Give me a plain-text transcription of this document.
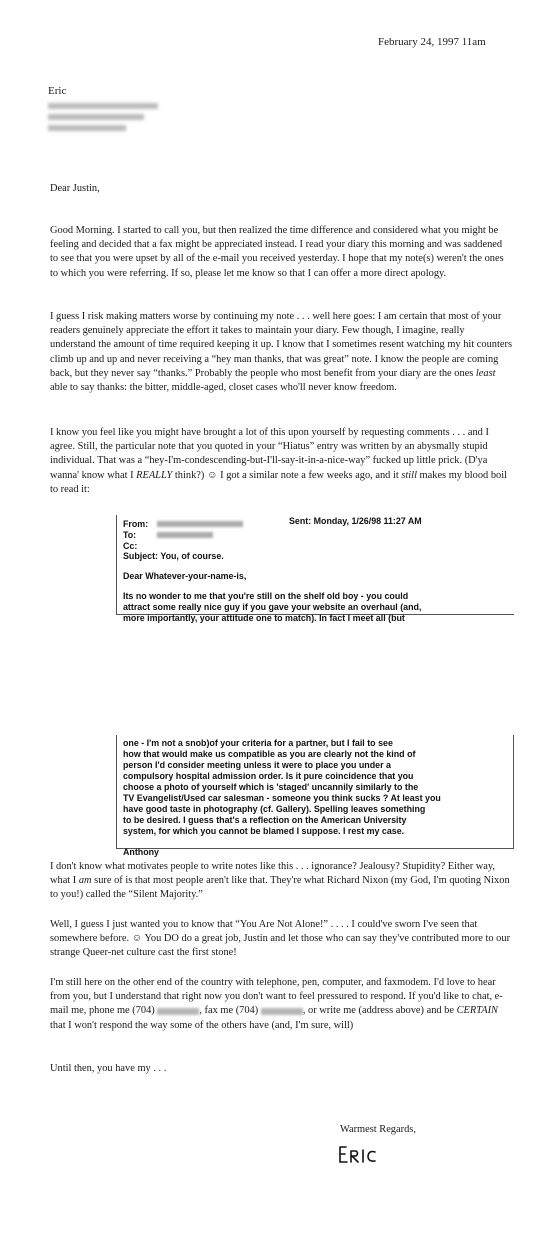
February 24, 1997 11am
Eric
Dear Justin,

Good Morning. I started to call you, but then realized the time difference and considered what you might be feeling and decided that a fax might be appreciated instead. I read your diary this morning and was saddened to see that you were upset by all of the e-mail you received yesterday. I hope that my note(s) weren't the ones to which you were referring. If so, please let me know so that I can offer a more direct apology.

I guess I risk making matters worse by continuing my note . . . well here goes: I am certain that most of your readers genuinely appreciate the effort it takes to maintain your diary. Few though, I imagine, really understand the amount of time required keeping it up. I know that I sometimes resent watching my hit counters climb up and up and never receiving a “hey man thanks, that was great” note. I know the people are coming back, but they never say “thanks.” Probably the people who most benefit from your diary are the ones least able to say thanks: the bitter, middle-aged, closet cases who'll never know freedom.

I know you feel like you might have brought a lot of this upon yourself by requesting comments . . . and I agree. Still, the particular note that you quoted in your “Hiatus” entry was written by an abysmally stupid individual. That was a “hey-I'm-condescending-but-I'll-say-it-in-a-nice-way” fucked up little prick. (D'ya wanna' know what I REALLY think?) ☺ I got a similar note a few weeks ago, and it still makes my blood boil to read it:

From:	Sent: Monday, 1/26/98 11:27 AM
To:
Cc:
Subject: You, of course.
Dear Whatever-your-name-is,
Its no wonder to me that you're still on the shelf old boy - you could
attract some really nice guy if you gave your website an overhaul (and,
more importantly, your attitude one to match). In fact I meet all (but
one - I'm not a snob)of your criteria for a partner, but I fail to see
how that would make us compatible as you are clearly not the kind of
person I'd consider meeting unless it were to place you under a
compulsory hospital admission order. Is it pure coincidence that you
choose a photo of yourself which is 'staged' uncannily similarly to the
TV Evangelist/Used car salesman - someone you think sucks ? At least you
have good taste in photography (cf. Gallery). Spelling leaves something
to be desired. I guess that's a reflection on the American University
system, for which you cannot be blamed I suppose. I rest my case.
Anthony

I don't know what motivates people to write notes like this . . . ignorance? Jealousy? Stupidity? Either way, what I am sure of is that most people aren't like that. They're what Richard Nixon (my God, I'm quoting Nixon to you!) called the “Silent Majority.”

Well, I guess I just wanted you to know that “You Are Not Alone!” . . . . I could've sworn I've seen that somewhere before. ☺ You DO do a great job, Justin and let those who can say they've contributed more to our strange Queer-net culture cast the first stone!

I'm still here on the other end of the country with telephone, pen, computer, and faxmodem. I'd love to hear from you, but I understand that right now you don't want to feel pressured to respond. If you'd like to chat, e-mail me, phone me (704)	, fax me (704)	, or write me (address above) and be CERTAIN that I won't respond the way some of the others have (and, I'm sure, will)

Until then, you have my . . .
Warmest Regards,
